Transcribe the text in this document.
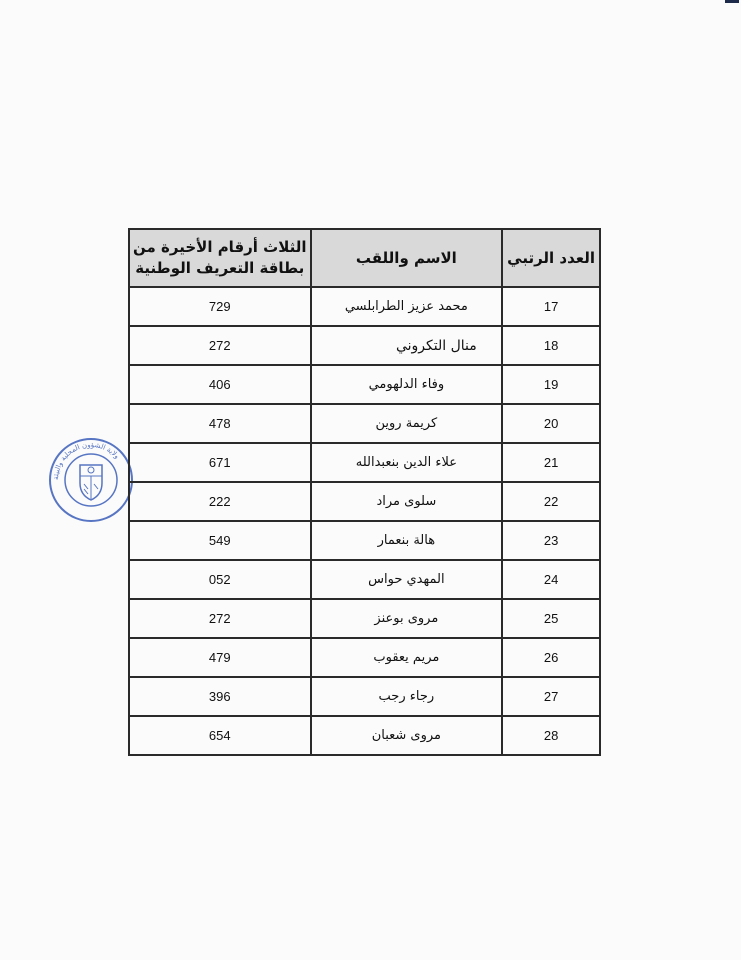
ولاية الشؤون المحلية والبيئة
العدد الرتبي	الاسم واللقب	الثلاث أرقام الأخيرة من بطاقة التعريف الوطنية
17	محمد عزيز الطرابلسي	729
18	منال التكروني	272
19	وفاء الدلهومي	406
20	كريمة روين	478
21	علاء الدين بنعبدالله	671
22	سلوى مراد	222
23	هالة بنعمار	549
24	المهدي حواس	052
25	مروى بوعنز	272
26	مريم يعقوب	479
27	رجاء رجب	396
28	مروى شعبان	654
